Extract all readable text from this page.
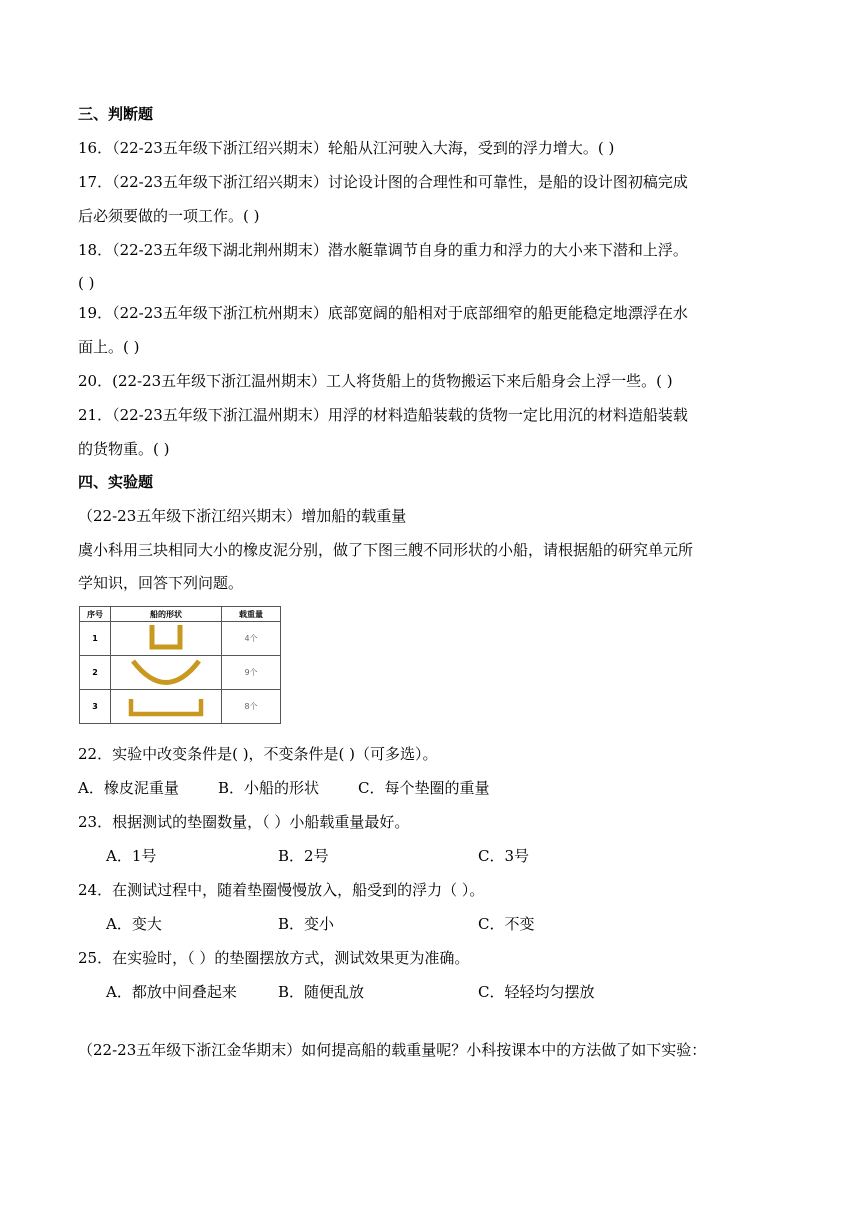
三、判断题
16．（22-23五年级下浙江绍兴期末）轮船从江河驶入大海，受到的浮力增大。( )
17．（22-23五年级下浙江绍兴期末）讨论设计图的合理性和可靠性，是船的设计图初稿完成
后必须要做的一项工作。( )
18．（22-23五年级下湖北荆州期末）潜水艇靠调节自身的重力和浮力的大小来下潜和上浮。
( )
19．（22-23五年级下浙江杭州期末）底部宽阔的船相对于底部细窄的船更能稳定地漂浮在水
面上。( )
20．(22-23五年级下浙江温州期末）工人将货船上的货物搬运下来后船身会上浮一些。( )
21．（22-23五年级下浙江温州期末）用浮的材料造船装载的货物一定比用沉的材料造船装载
的货物重。( )
四、实验题
（22-23五年级下浙江绍兴期末）增加船的载重量
虞小科用三块相同大小的橡皮泥分别，做了下图三艘不同形状的小船，请根据船的研究单元所
学知识，回答下列问题。
序号	船的形状	载重量
1		4个
2		9个
3		8个
22．实验中改变条件是( )，不变条件是( )（可多选）。
A．橡皮泥重量	B．小船的形状	C．每个垫圈的重量
23．根据测试的垫圈数量，（ ）小船载重量最好。
A．1号	B．2号	C．3号
24．在测试过程中，随着垫圈慢慢放入，船受到的浮力（ ）。
A．变大	B．变小	C．不变
25．在实验时，（ ）的垫圈摆放方式，测试效果更为准确。
A．都放中间叠起来	B．随便乱放	C．轻轻均匀摆放
（22-23五年级下浙江金华期末）如何提高船的载重量呢？小科按课本中的方法做了如下实验：
